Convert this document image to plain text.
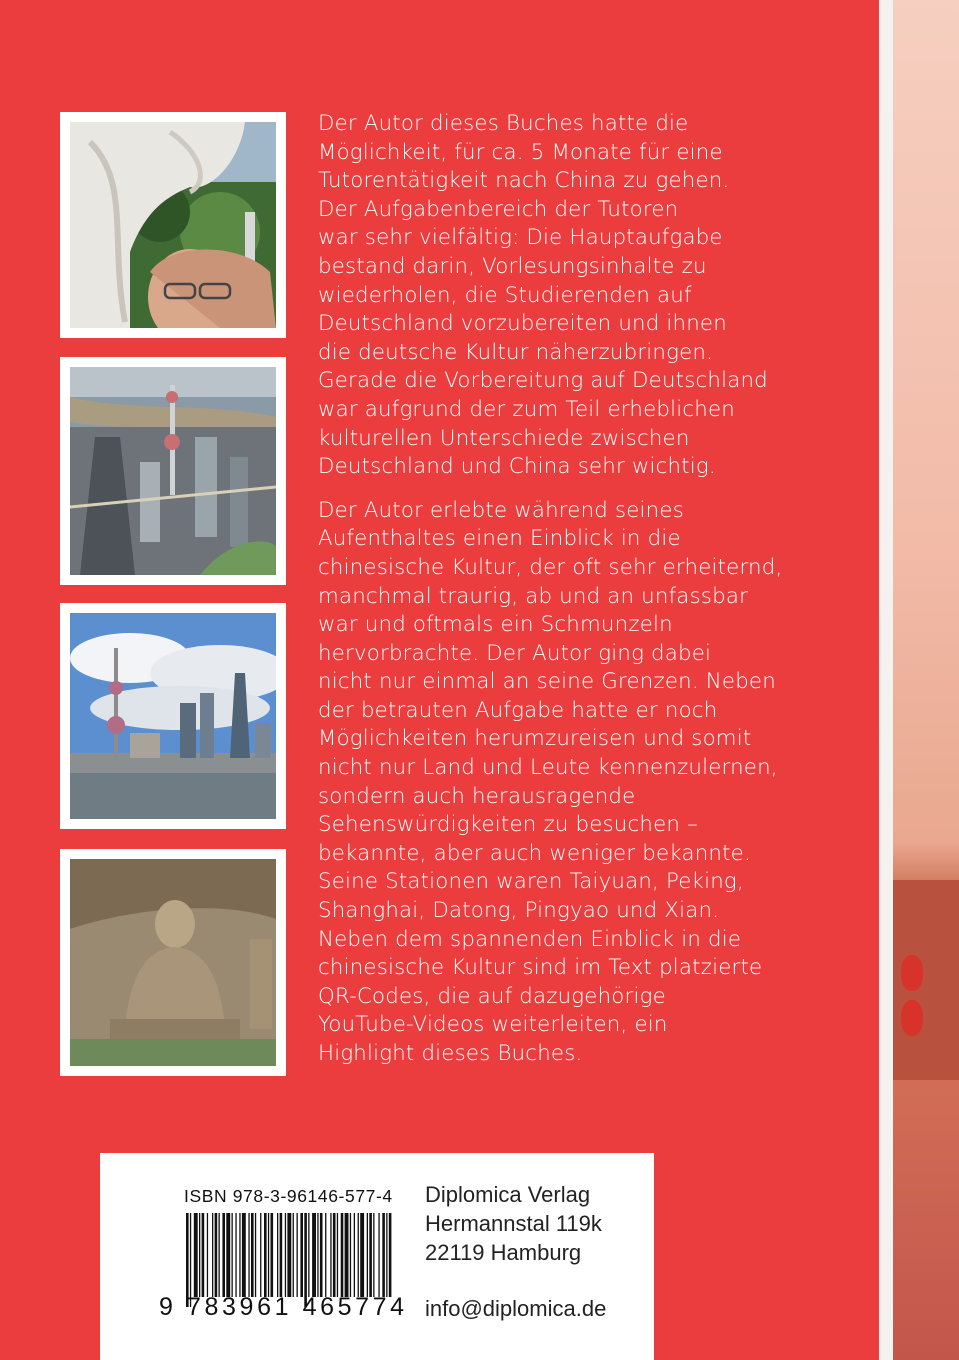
Der Autor dieses Buches hatte die
Möglichkeit, für ca. 5 Monate für eine
Tutorentätigkeit nach China zu gehen.
Der Aufgabenbereich der Tutoren
war sehr vielfältig: Die Hauptaufgabe
bestand darin, Vorlesungsinhalte zu
wiederholen, die Studierenden auf
Deutschland vorzubereiten und ihnen
die deutsche Kultur näherzubringen.
Gerade die Vorbereitung auf Deutschland
war aufgrund der zum Teil erheblichen
kulturellen Unterschiede zwischen
Deutschland und China sehr wichtig.

Der Autor erlebte während seines
Aufenthaltes einen Einblick in die
chinesische Kultur, der oft sehr erheiternd,
manchmal traurig, ab und an unfassbar
war und oftmals ein Schmunzeln
hervorbrachte. Der Autor ging dabei
nicht nur einmal an seine Grenzen. Neben
der betrauten Aufgabe hatte er noch
Möglichkeiten herumzureisen und somit
nicht nur Land und Leute kennenzulernen,
sondern auch herausragende
Sehenswürdigkeiten zu besuchen –
bekannte, aber auch weniger bekannte.
Seine Stationen waren Taiyuan, Peking,
Shanghai, Datong, Pingyao und Xian.
Neben dem spannenden Einblick in die
chinesische Kultur sind im Text platzierte
QR-Codes, die auf dazugehörige
YouTube-Videos weiterleiten, ein
Highlight dieses Buches.

ISBN 978-3-96146-577-4
9 783961 465774
Diplomica Verlag
Hermannstal 119k
22119 Hamburg
info@diplomica.de
